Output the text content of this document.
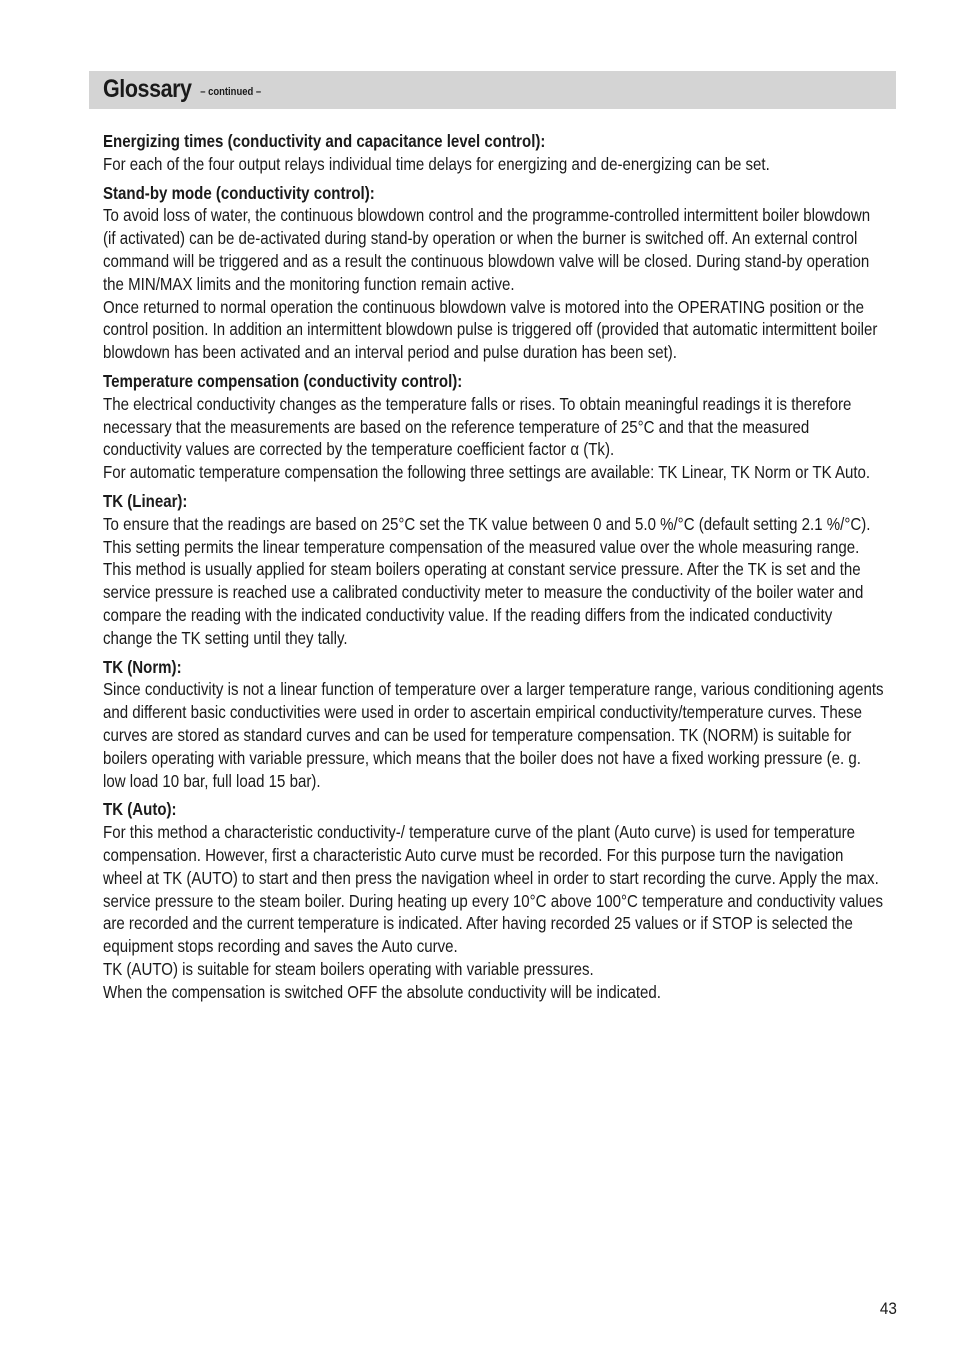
Glossary – continued –
Energizing times (conductivity and capacitance level control):

For each of the four output relays individual time delays for energizing and de-energizing can be set.

Stand-by mode (conductivity control):

To avoid loss of water, the continuous blowdown control and the programme-controlled intermittent boiler blowdown (if activated) can be de-activated during stand-by operation or when the burner is switched off. An external control command will be triggered and as a result the continuous blowdown valve will be closed. During stand-by operation the MIN/MAX limits and the monitoring function remain active.

Once returned to normal operation the continuous blowdown valve is motored into the OPERATING position or the control position. In addition an intermittent blowdown pulse is triggered off (provided that automatic intermittent boiler blowdown has been activated and an interval period and pulse duration has been set).

Temperature compensation (conductivity control):

The electrical conductivity changes as the temperature falls or rises. To obtain meaningful readings it is therefore necessary that the measurements are based on the reference temperature of 25°C and that the measured conductivity values are corrected by the temperature coefficient factor α (Tk).

For automatic temperature compensation the following three settings are available: TK Linear, TK Norm or TK Auto.

TK (Linear):

To ensure that the readings are based on 25°C set the TK value between 0 and 5.0 %/°C (default setting 2.1 %/°C). This setting permits the linear temperature compensation of the measured value over the whole measuring range. This method is usually applied for steam boilers operating at constant service pressure. After the TK is set and the service pressure is reached use a calibrated conductivity meter to measure the conductivity of the boiler water and compare the reading with the indicated conductivity value. If the reading differs from the indicated conductivity change the TK setting until they tally.

TK (Norm):

Since conductivity is not a linear function of temperature over a larger temperature range, various conditioning agents and different basic conductivities were used in order to ascertain empirical conductivity/temperature curves. These curves are stored as standard curves and can be used for temperature compensation. TK (NORM) is suitable for boilers operating with variable pressure, which means that the boiler does not have a fixed working pressure (e. g. low load 10 bar, full load 15 bar).

TK (Auto):

For this method a characteristic conductivity-/ temperature curve of the plant (Auto curve) is used for temperature compensation. However, first a characteristic Auto curve must be recorded. For this purpose turn the navigation wheel at TK (AUTO) to start and then press the navigation wheel in order to start recording the curve. Apply the max. service pressure to the steam boiler. During heating up every 10°C above 100°C temperature and conductivity values are recorded and the current temperature is indicated. After having recorded 25 values or if STOP is selected the equipment stops recording and saves the Auto curve.

TK (AUTO) is suitable for steam boilers operating with variable pressures.

When the compensation is switched OFF the absolute conductivity will be indicated.

43
